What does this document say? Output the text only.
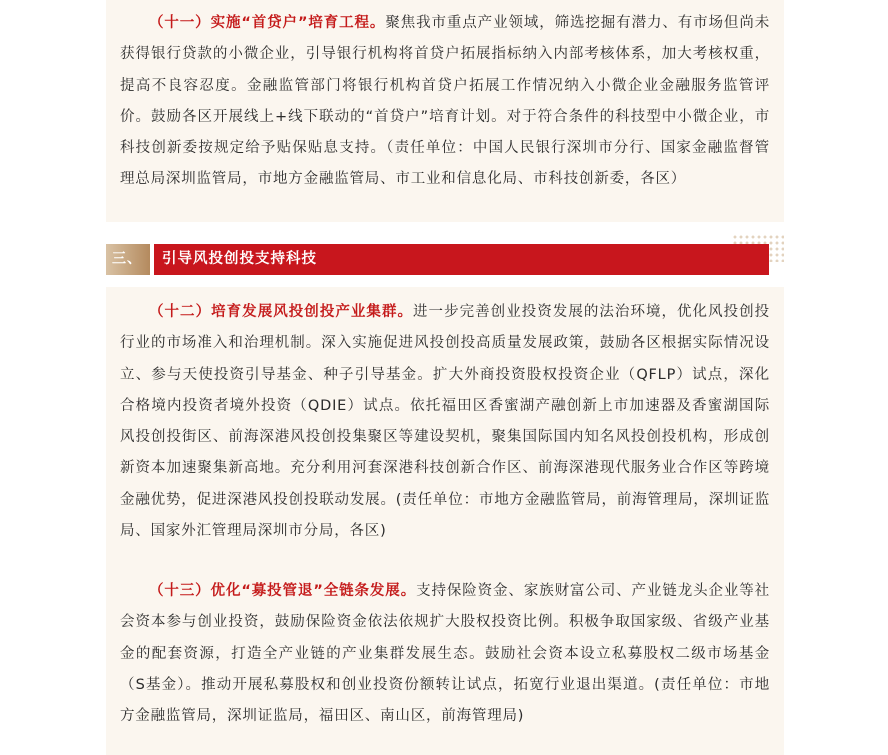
（十一）实施“首贷户”培育工程。聚焦我市重点产业领域，筛选挖掘有潜力、有市场但尚未获得银行贷款的小微企业，引导银行机构将首贷户拓展指标纳入内部考核体系，加大考核权重，提高不良容忍度。金融监管部门将银行机构首贷户拓展工作情况纳入小微企业金融服务监管评价。鼓励各区开展线上+线下联动的“首贷户”培育计划。对于符合条件的科技型中小微企业，市科技创新委按规定给予贴保贴息支持。（责任单位：中国人民银行深圳市分行、国家金融监督管理总局深圳监管局，市地方金融监管局、市工业和信息化局、市科技创新委，各区）

三、	引导风投创投支持科技

（十二）培育发展风投创投产业集群。进一步完善创业投资发展的法治环境，优化风投创投行业的市场准入和治理机制。深入实施促进风投创投高质量发展政策，鼓励各区根据实际情况设立、参与天使投资引导基金、种子引导基金。扩大外商投资股权投资企业（QFLP）试点，深化合格境内投资者境外投资（QDIE）试点。依托福田区香蜜湖产融创新上市加速器及香蜜湖国际风投创投街区、前海深港风投创投集聚区等建设契机，聚集国际国内知名风投创投机构，形成创新资本加速聚集新高地。充分利用河套深港科技创新合作区、前海深港现代服务业合作区等跨境金融优势，促进深港风投创投联动发展。(责任单位：市地方金融监管局，前海管理局，深圳证监局、国家外汇管理局深圳市分局，各区)

（十三）优化“募投管退”全链条发展。支持保险资金、家族财富公司、产业链龙头企业等社会资本参与创业投资，鼓励保险资金依法依规扩大股权投资比例。积极争取国家级、省级产业基金的配套资源，打造全产业链的产业集群发展生态。鼓励社会资本设立私募股权二级市场基金（S基金）。推动开展私募股权和创业投资份额转让试点，拓宽行业退出渠道。(责任单位：市地方金融监管局，深圳证监局，福田区、南山区，前海管理局)
